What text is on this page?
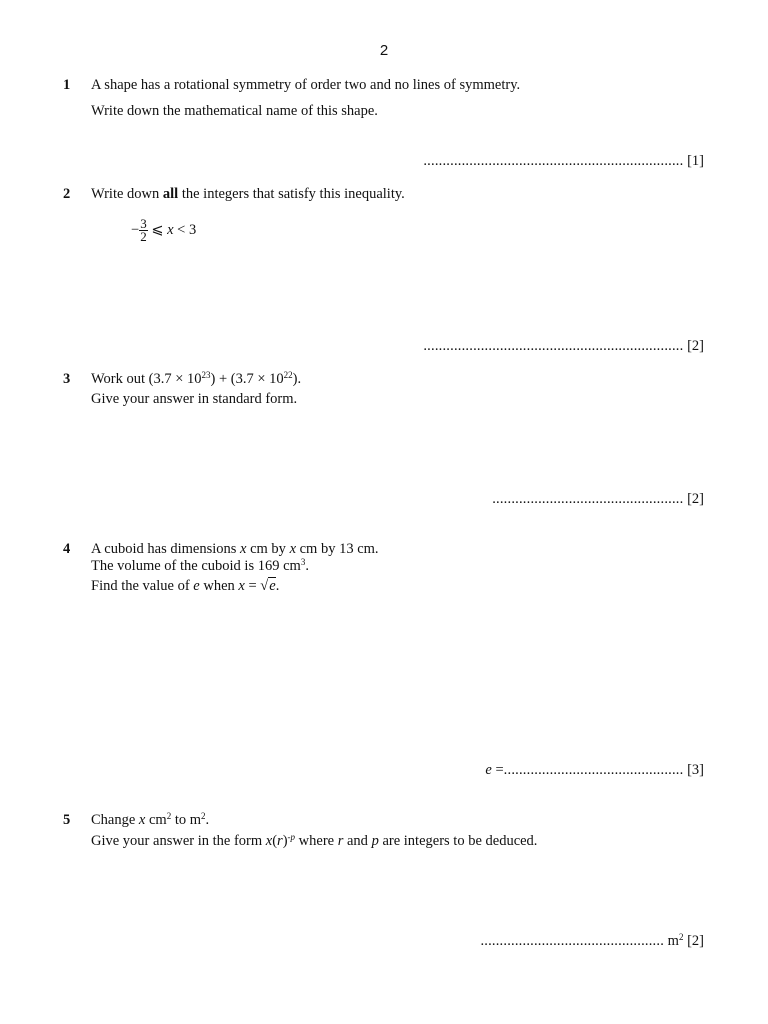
2
1 A shape has a rotational symmetry of order two and no lines of symmetry.
Write down the mathematical name of this shape.
.................................................................... [1]
2 Write down all the integers that satisfy this inequality.
− $\frac{3}{2}$ ⩽ x < 3
.................................................................... [2]
3 Work out $(3.7 \times 10^{23}) + (3.7 \times 10^{22})$.
Give your answer in standard form.
.................................................. [2]
4 A cuboid has dimensions x cm by x cm by 13 cm.
The volume of the cuboid is 169 $cm^3$.
Find the value of e when x = √e.
e =............................................... [3]
5 Change x $cm^2$ to $m^2$.
Give your answer in the form $x(r)^{-p}$ where r and p are integers to be deduced.
................................................ $m^2$ [2]
